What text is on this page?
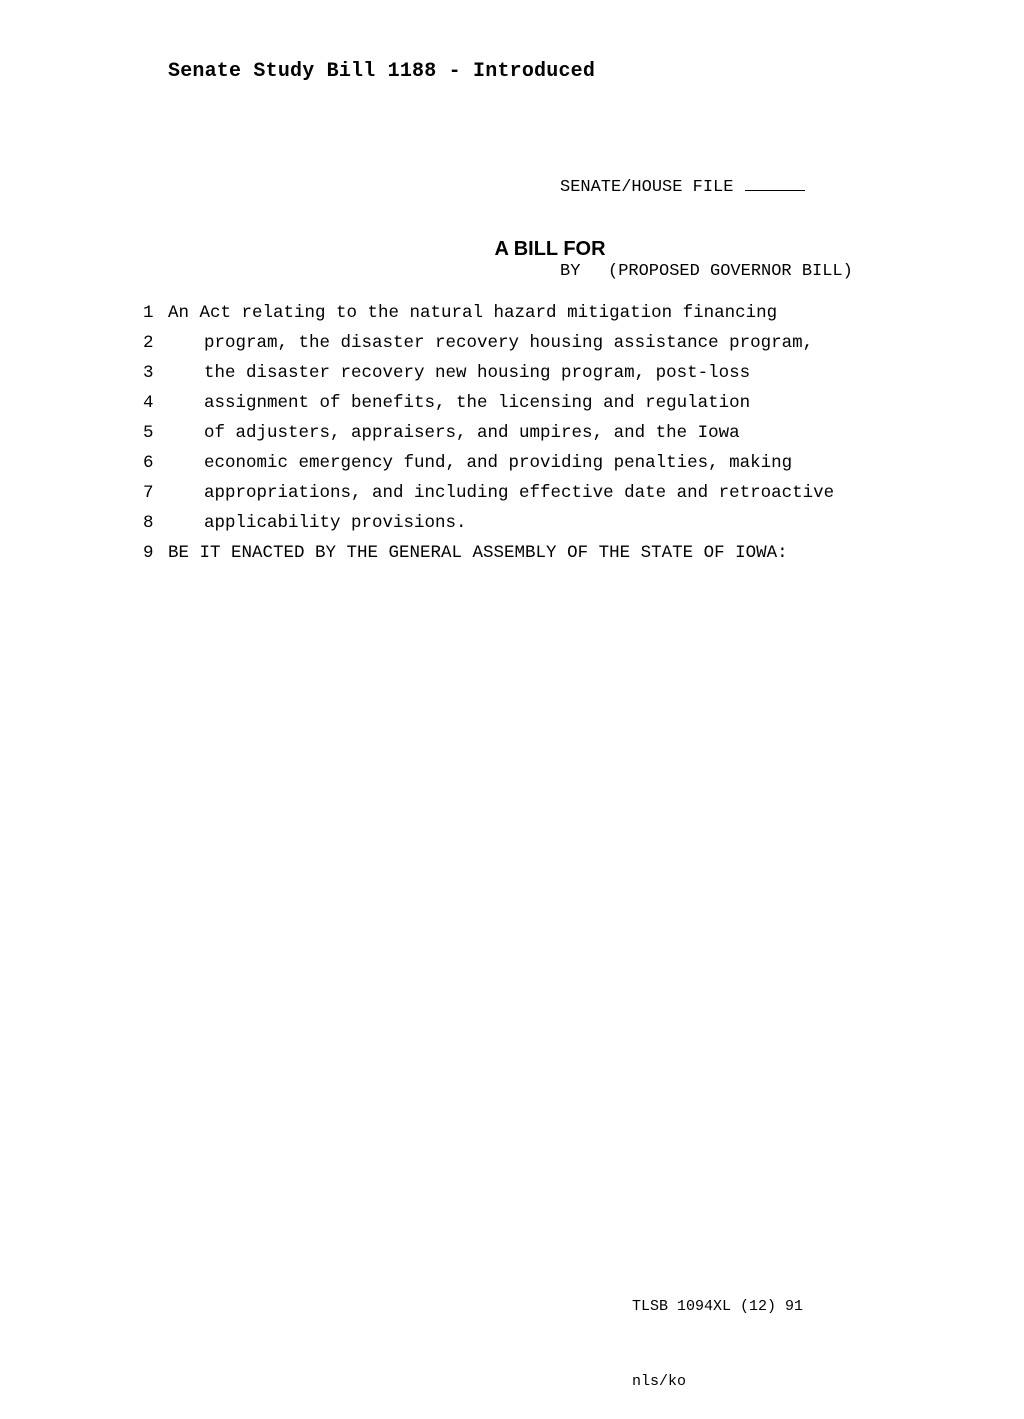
Senate Study Bill 1188 - Introduced

SENATE/HOUSE FILE

BY	(PROPOSED GOVERNOR BILL)

A BILL FOR
1 An Act relating to the natural hazard mitigation financing
2	program, the disaster recovery housing assistance program,
3	the disaster recovery new housing program, post-loss
4	assignment of benefits, the licensing and regulation
5	of adjusters, appraisers, and umpires, and the Iowa
6	economic emergency fund, and providing penalties, making
7	appropriations, and including effective date and retroactive
8	applicability provisions.
9 BE IT ENACTED BY THE GENERAL ASSEMBLY OF THE STATE OF IOWA:

TLSB 1094XL (12) 91

nls/ko
